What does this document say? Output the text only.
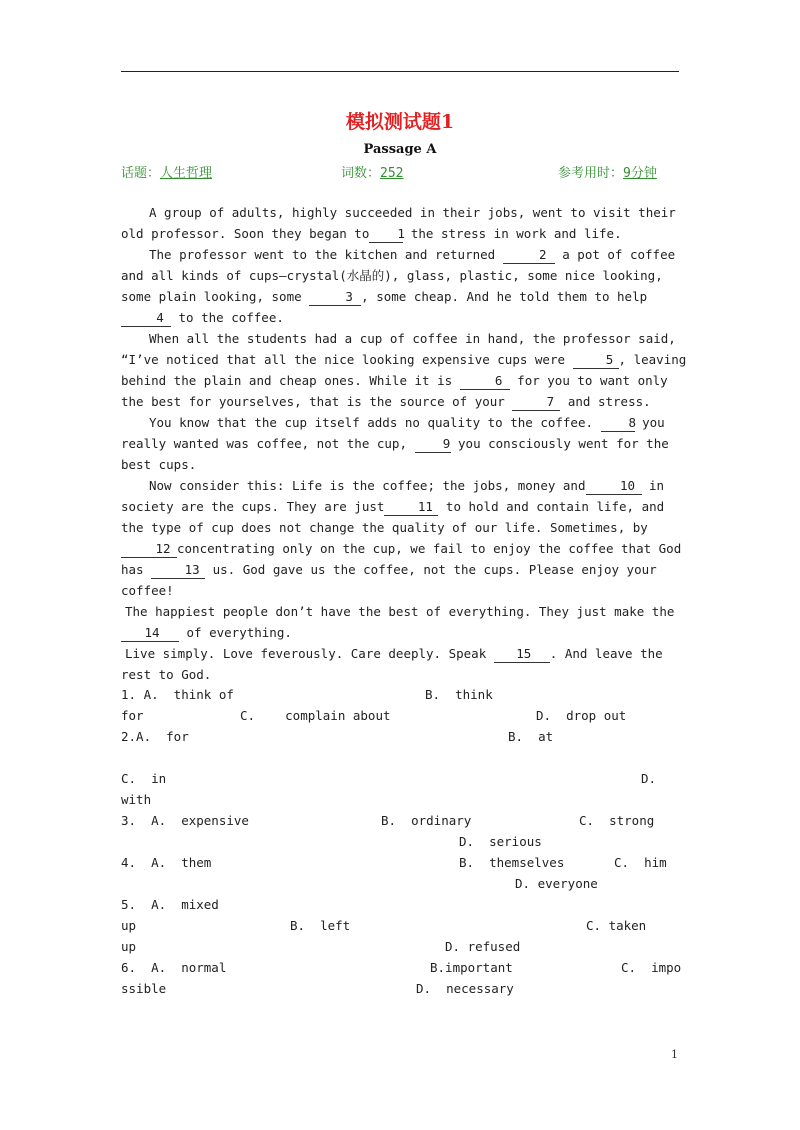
模拟测试题1
Passage A
话题：人生哲理	词数：252	参考用时：9分钟

A group of adults, highly succeeded in their jobs, went to visit their old professor. Soon they began to 1 the stress in work and life.

The professor went to the kitchen and returned	2 a pot of coffee and all kinds of cups—crystal(水晶的), glass, plastic, some nice looking, some plain looking, some	3 , some cheap. And he told them to help 4 to the coffee.

When all the students had a cup of coffee in hand, the professor said, “I’ve noticed that all the nice looking expensive cups were	5 , leaving behind the plain and cheap ones. While it is	6 for you to want only the best for yourselves, that is the source of your	7 and stress.

You know that the cup itself adds no quality to the coffee. 8 you really wanted was coffee, not the cup, 9 you consciously went for the best cups.

Now consider this: Life is the coffee; the jobs, money and	10 in society are the cups. They are just	11 to hold and contain life, and the type of cup does not change the quality of our life. Sometimes, by12 concentrating only on the cup, we fail to enjoy the coffee that God has	13 us. God gave us the coffee, not the cups. Please enjoy your coffee!

The happiest people don’t have the best of everything. They just make the 14 of everything.

Live simply. Love feverously. Care deeply. Speak 15 . And leave the rest to God.

1. A.  think of	B.  think
for	C.    complain about	D.  drop out
2.A.  for	B.  at
C.  in	D.
with
3.  A.  expensive	B.  ordinary	C.  strong
D.  serious
4.  A.  them	B.  themselves	C.  him
D. everyone
5.  A.  mixed
up	B.  left	C. taken
up	D. refused
6.  A.  normal	B.important	C.  impo
ssible	D.  necessary
1
